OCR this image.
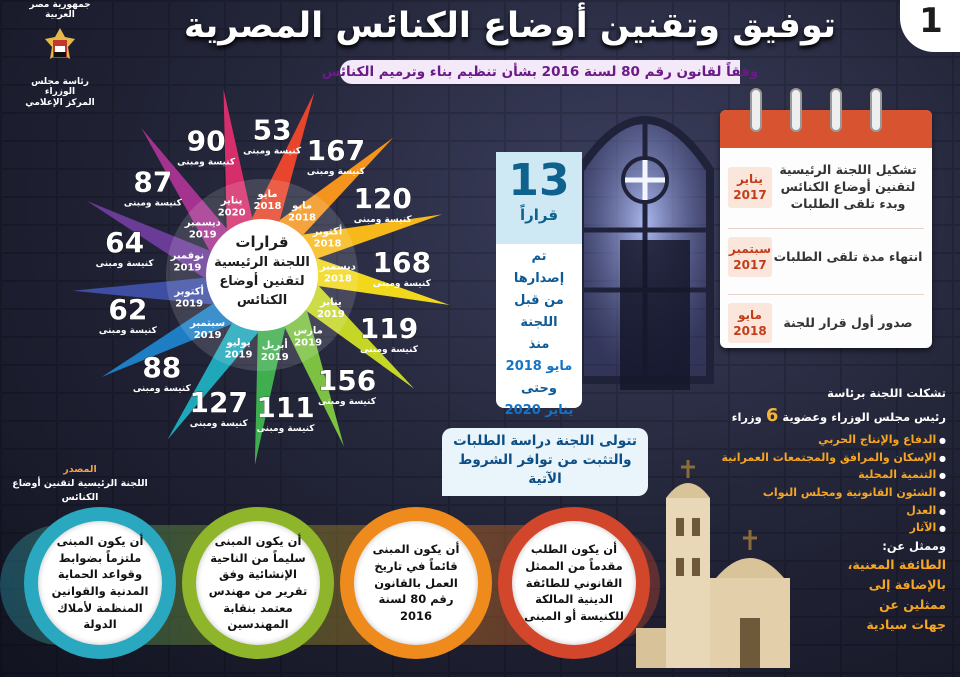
1
توفيق وتقنين أوضاع الكنائس المصرية
وفقاً لقانون رقم 80 لسنة 2016 بشأن تنظيم بناء وترميم الكنائس
جمهورية مصر العربية
رئاسة مجلس الوزراء
المركز الإعلامي
مايو
2018
أكتوبر
2018
ديسمبر
2018
يناير
2019
مارس
2019
أبريل
2019
يوليو
2019
سبتمبر
2019
أكتوبر
2019
نوفمبر
2019
ديسمبر
2019
يناير
2020
مايو
2018
قرارات
اللجنة الرئيسية
لتقنين أوضاع
الكنائس
167
كنيسة ومبنى
120
كنيسة ومبنى
168
كنيسة ومبنى
119
كنيسة ومبنى
156
كنيسة ومبنى
111
كنيسة ومبنى
127
كنيسة ومبنى
88
كنيسة ومبنى
62
كنيسة ومبنى
64
كنيسة ومبنى
87
كنيسة ومبنى
90
كنيسة ومبنى
53
كنيسة ومبنى
13
قراراً
تم
إصدارها
من قبل اللجنة
منذ
مايو 2018
وحتى
يناير 2020
تشكيل اللجنة الرئيسية لتقنين أوضاع الكنائس وبدء تلقى الطلبات
يناير
2017
انتهاء مدة تلقى الطلبات
سبتمبر
2017
صدور أول قرار للجنة
مايو
2018
تشكلت اللجنة برئاسة
رئيس مجلس الوزراء وعضوية 6 وزراء
● الدفاع والإنتاج الحربي
● الإسكان والمرافق والمجتمعات العمرانية
● التنمية المحلية
● الشئون القانونية ومجلس النواب
● العدل
● الآثار
وممثل عن:
الطائفة المعنية،
بالإضافة إلى
ممثلين عن
جهات سيادية
المصدر
اللجنة الرئيسية لتقنين أوضاع الكنائس
تتولى اللجنة دراسة الطلبات والتثبت من توافر الشروط الآتية
أن يكون الطلب مقدماً من الممثل القانوني للطائفة الدينية المالكة للكنيسة أو المبنى
أن يكون المبنى قائماً في تاريخ العمل بالقانون رقم 80 لسنة 2016
أن يكون المبنى سليماً من الناحية الإنشائية وفق تقرير من مهندس معتمد بنقابة المهندسين
أن يكون المبنى ملتزماً بضوابط وقواعد الحماية المدنية والقوانين المنظمة لأملاك الدولة
